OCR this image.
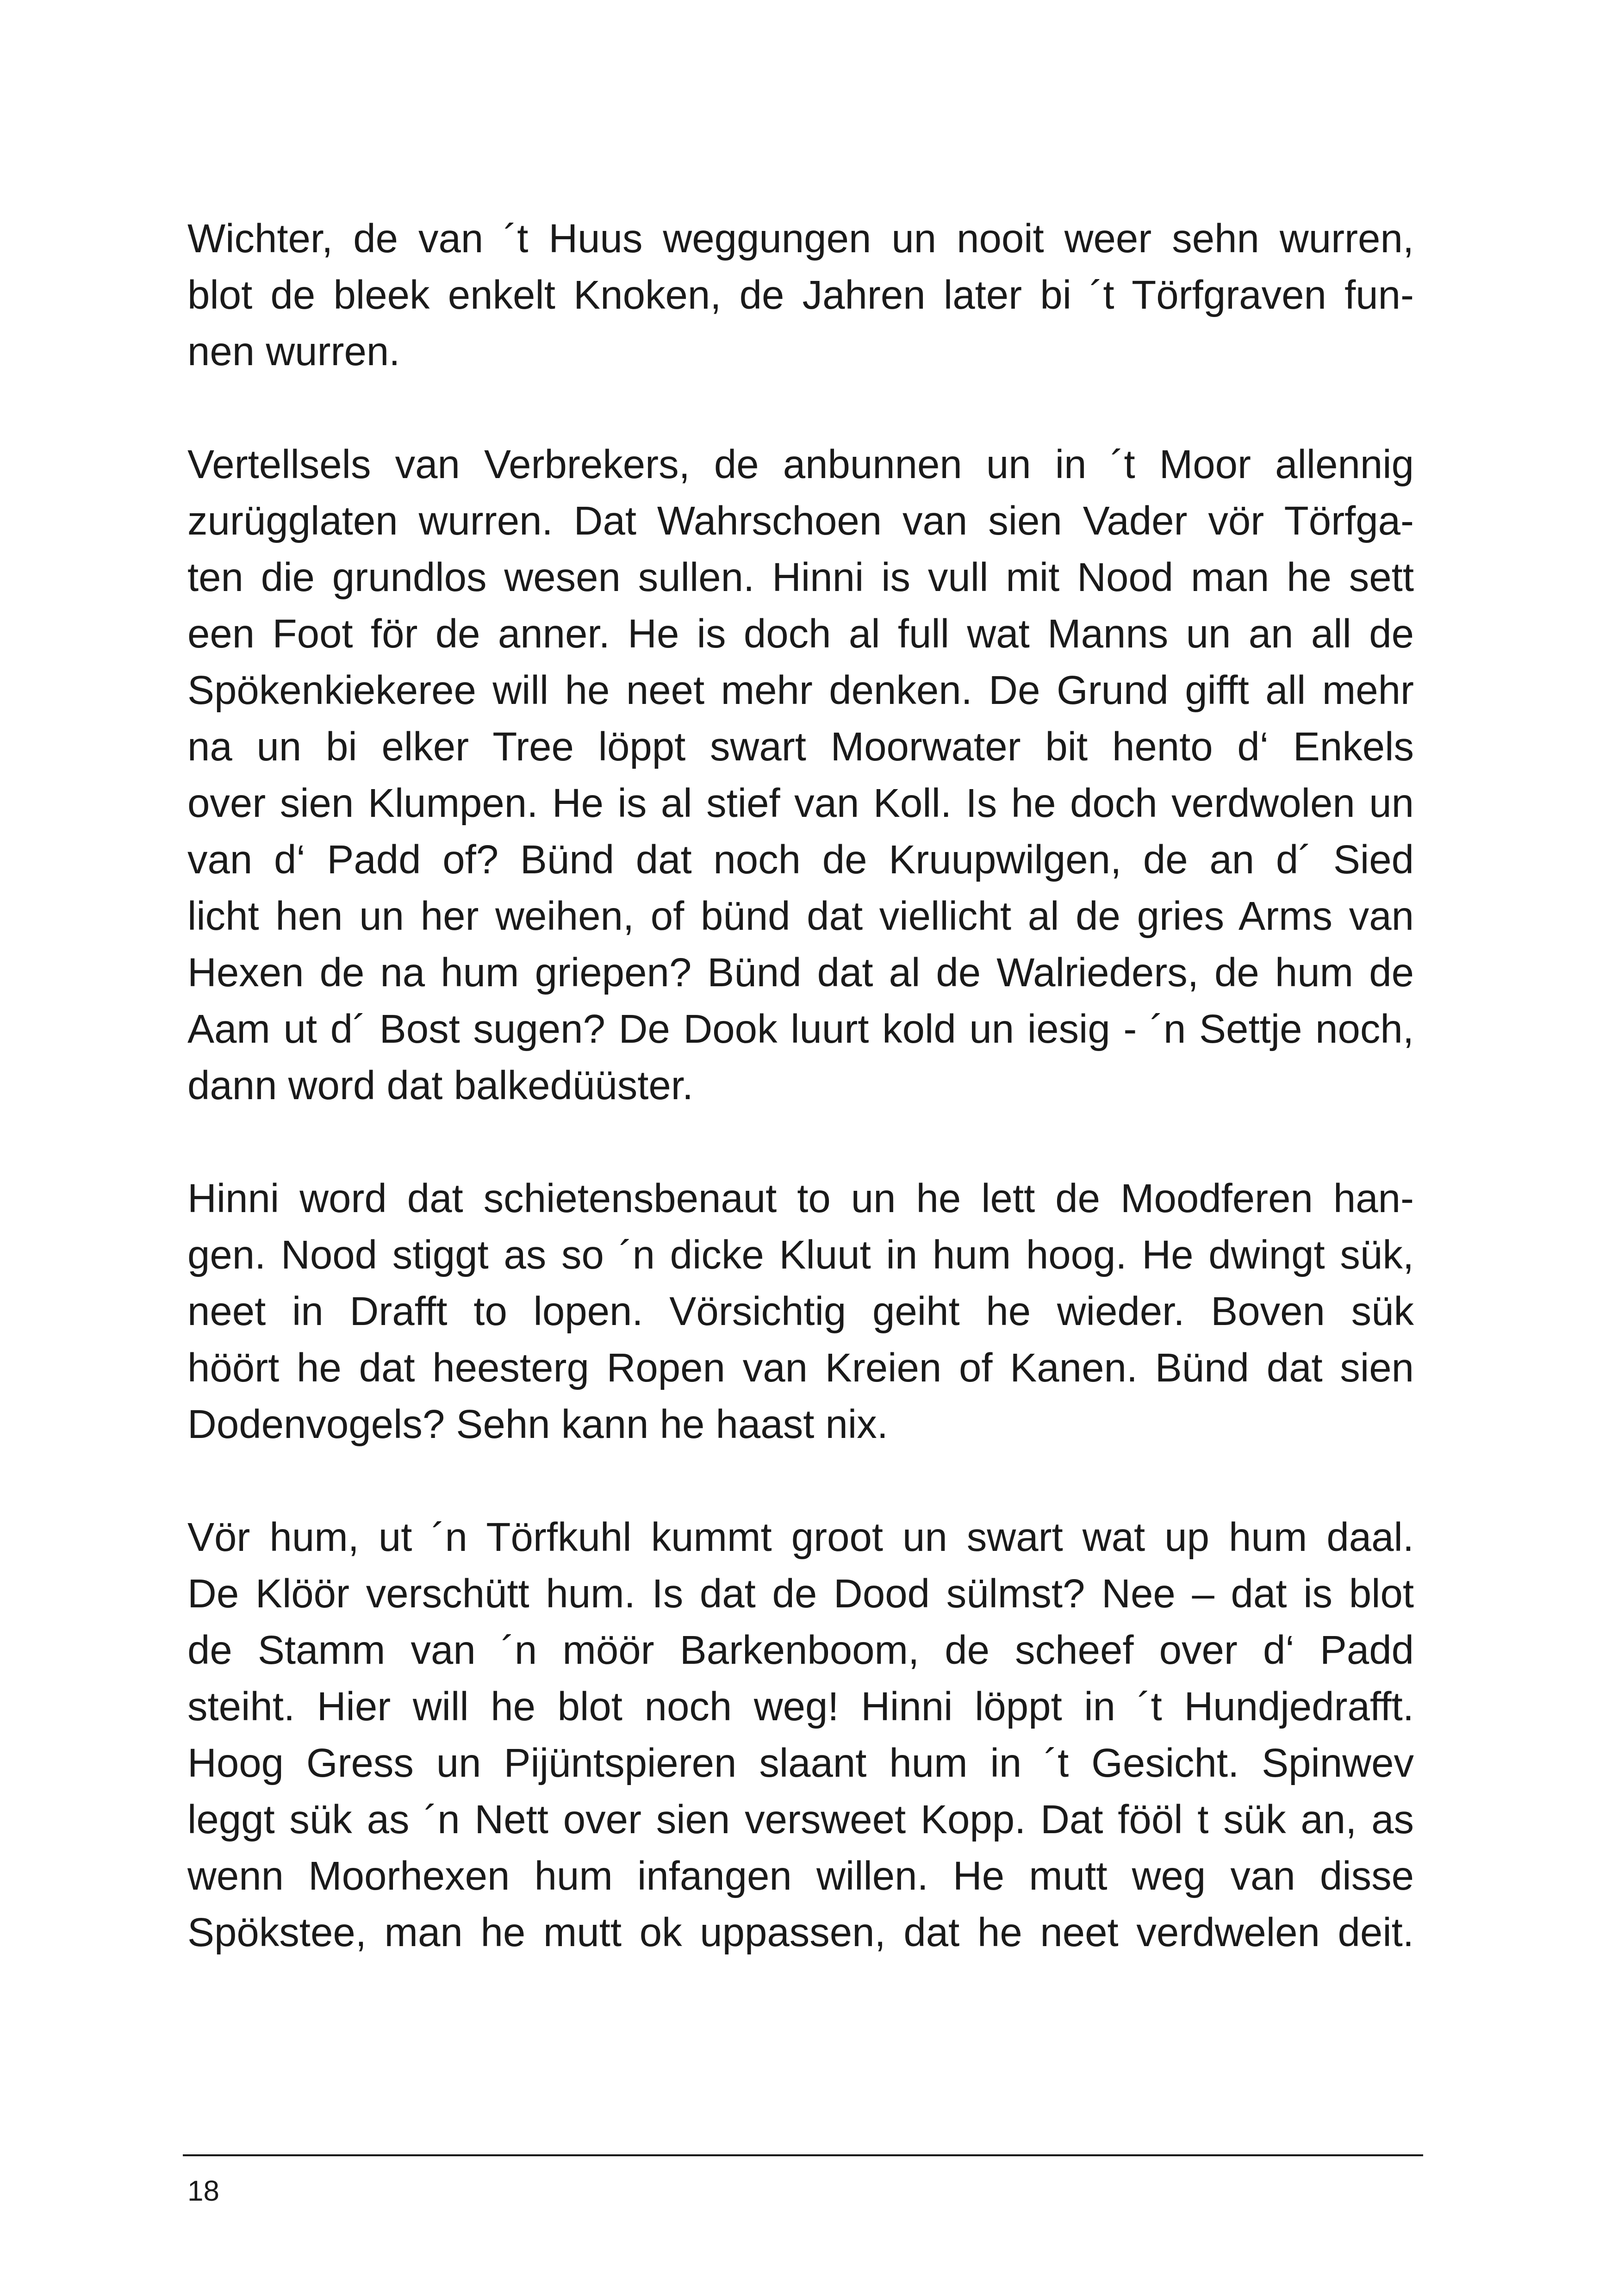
Wichter, de van ´t Huus weggungen un nooit weer sehn wurren,
blot de bleek enkelt Knoken, de Jahren later bi ´t Törfgraven fun-
nen wurren.
Vertellsels van Verbrekers, de anbunnen un in ´t Moor allennig
zurügglaten wurren. Dat Wahrschoen van sien Vader vör Törfga-
ten die grundlos wesen sullen. Hinni is vull mit Nood man he sett
een Foot för de anner. He is doch al full wat Manns un an all de
Spökenkiekeree will he neet mehr denken. De Grund gifft all mehr
na un bi elker Tree löppt swart Moorwater bit hento d‘ Enkels
over sien Klumpen. He is al stief van Koll. Is he doch verdwolen un
van d‘ Padd of? Bünd dat noch de Kruupwilgen, de an d´ Sied
licht hen un her weihen, of bünd dat viellicht al de gries Arms van
Hexen de na hum griepen? Bünd dat al de Walrieders, de hum de
Aam ut d´ Bost sugen? De Dook luurt kold un iesig - ´n Settje noch,
dann word dat balkedüüster.
Hinni word dat schietensbenaut to un he lett de Moodferen han-
gen. Nood stiggt as so ´n dicke Kluut in hum hoog. He dwingt sük,
neet in Drafft to lopen. Vörsichtig geiht he wieder. Boven sük
höört he dat heesterg Ropen van Kreien of Kanen. Bünd dat sien
Dodenvogels? Sehn kann he haast nix.
Vör hum, ut ´n Törfkuhl kummt groot un swart wat up hum daal.
De Klöör verschütt hum. Is dat de Dood sülmst? Nee – dat is blot
de Stamm van ´n möör Barkenboom, de scheef over d‘ Padd
steiht. Hier will he blot noch weg! Hinni löppt in ´t Hundjedrafft.
Hoog Gress un Pijüntspieren slaant hum in ´t Gesicht. Spinwev
leggt sük as ´n Nett over sien versweet Kopp. Dat fööl t sük an, as
wenn Moorhexen hum infangen willen. He mutt weg van disse
Spökstee, man he mutt ok uppassen, dat he neet verdwelen deit.
18
